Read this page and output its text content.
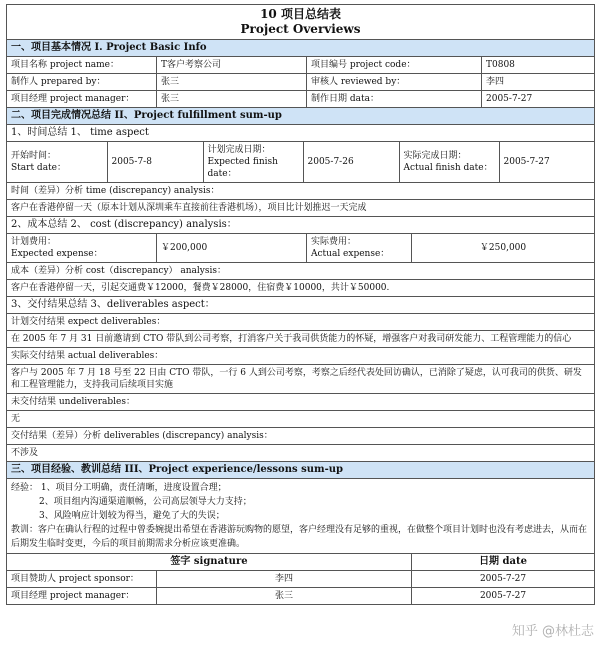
10 项目总结表
Project Overviews

一、项目基本情况 I. Project Basic Info
项目名称 project name：	T客户考察公司	项目编号 project code：	T0808
制作人 prepared by：	张三	审核人 reviewed by：	李四
项目经理 project manager：	张三	制作日期 data：	2005-7-27
二、项目完成情况总结 II、Project fulfillment sum-up
1、时间总结 1、 time aspect

开始时间：
Start date：
	2005-7-8	
计划完成日期：
Expected finish date：
	2005-7-26	
实际完成日期：
Actual finish date：
	2005-7-27

时间（差异）分析 time (discrepancy) analysis：
客户在香港停留一天（原本计划从深圳乘车直接前往香港机场），项目比计划推迟一天完成
2、成本总结 2、 cost (discrepancy) analysis：

计划费用：
Expected expense：
	￥200,000	
实际费用：
Actual expense：
	￥250,000
成本（差异）分析 cost（discrepancy） analysis：
客户在香港停留一天，引起交通费￥12000，餐费￥28000，住宿费￥10000，共计￥50000.
3、交付结果总结 3、deliverables aspect：
计划交付结果 expect deliverables：
在 2005 年 7 月 31 日前邀请到 CTO 带队到公司考察，打消客户关于我司供货能力的怀疑，增强客户对我司研发能力、工程管理能力的信心
实际交付结果 actual deliverables：
客户与 2005 年 7 月 18 号至 22 日由 CTO 带队，一行 6 人到公司考察，考察之后经代表处回访确认，已消除了疑虑，认可我司的供货、研发和工程管理能力，支持我司后续项目实施
未交付结果 undeliverables：
无
交付结果（差异）分析 deliverables (discrepancy) analysis：
不涉及
三、项目经验、教训总结 III、Project experience/lessons sum-up

经验： 1、项目分工明确，责任清晰，进度设置合理；
2、项目组内沟通渠道顺畅，公司高层领导大力支持；
3、风险响应计划较为得当，避免了大的失误；
教训：客户在确认行程的过程中曾委婉提出希望在香港游玩购物的愿望，客户经理没有足够的重视，在做整个项目计划时也没有考虑进去，从而在后期发生临时变更，今后的项目前期需求分析应该更准确。

签字 signature	日期 date
项目赞助人 project sponsor：	李四	2005-7-27
项目经理 project manager：	张三	2005-7-27
知乎 @林杜志
